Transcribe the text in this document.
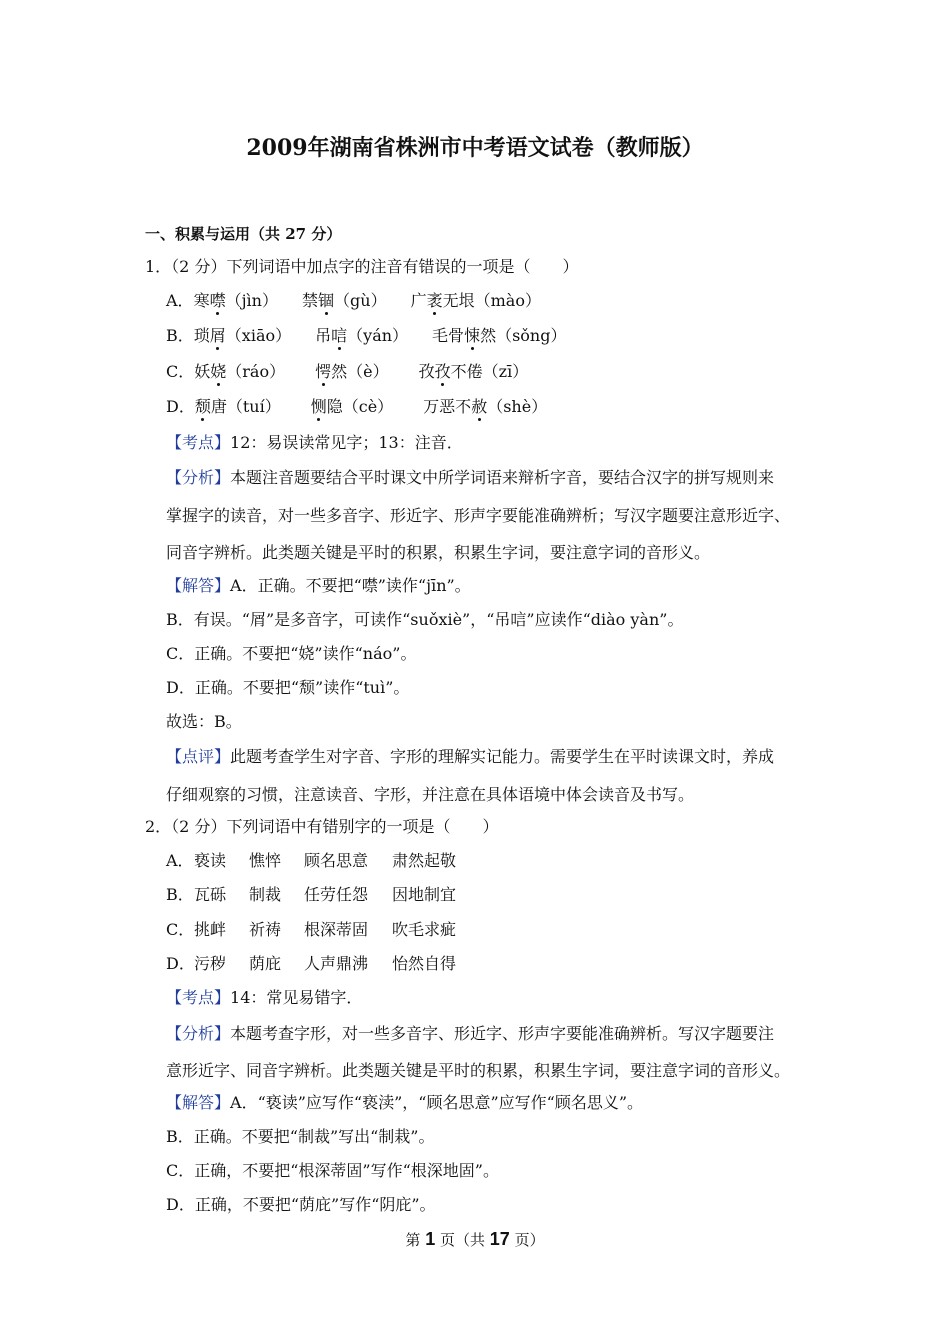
2009年湖南省株洲市中考语文试卷（教师版）
一、积累与运用（共 27 分）
1．（2 分）下列词语中加点字的注音有错误的一项是（　　）
A．寒噤（jìn） 禁锢（gù） 广袤无垠（mào）
B．琐屑（xiāo） 吊唁（yán） 毛骨悚然（sǒng）
C．妖娆（ráo） 愕然（è） 孜孜不倦（zī）
D．颓唐（tuí） 恻隐（cè） 万恶不赦（shè）
【考点】12：易误读常见字；13：注音．
【分析】本题注音题要结合平时课文中所学词语来辩析字音，要结合汉字的拼写规则来
掌握字的读音，对一些多音字、形近字、形声字要能准确辨析；写汉字题要注意形近字、
同音字辨析。此类题关键是平时的积累，积累生字词，要注意字词的音形义。
【解答】A．正确。不要把“噤”读作“jīn”。
B．有误。“屑”是多音字，可读作“suǒxiè”，“吊唁”应读作“diào yàn”。
C．正确。不要把“娆”读作“náo”。
D．正确。不要把“颓”读作“tuì”。
故选：B。
【点评】此题考查学生对字音、字形的理解实记能力。需要学生在平时读课文时，养成
仔细观察的习惯，注意读音、字形，并注意在具体语境中体会读音及书写。
2．（2 分）下列词语中有错别字的一项是（　　）
A．亵读 憔悴 顾名思意 肃然起敬
B．瓦砾 制裁 任劳任怨 因地制宜
C．挑衅 祈祷 根深蒂固 吹毛求疵
D．污秽 荫庇 人声鼎沸 怡然自得
【考点】14：常见易错字．
【分析】本题考查字形，对一些多音字、形近字、形声字要能准确辨析。写汉字题要注
意形近字、同音字辨析。此类题关键是平时的积累，积累生字词，要注意字词的音形义。
【解答】A．“亵读”应写作“亵渎”，“顾名思意”应写作“顾名思义”。
B．正确。不要把“制裁”写出“制栽”。
C．正确，不要把“根深蒂固”写作“根深地固”。
D．正确，不要把“荫庇”写作“阴庇”。
第 1 页（共 17 页）
